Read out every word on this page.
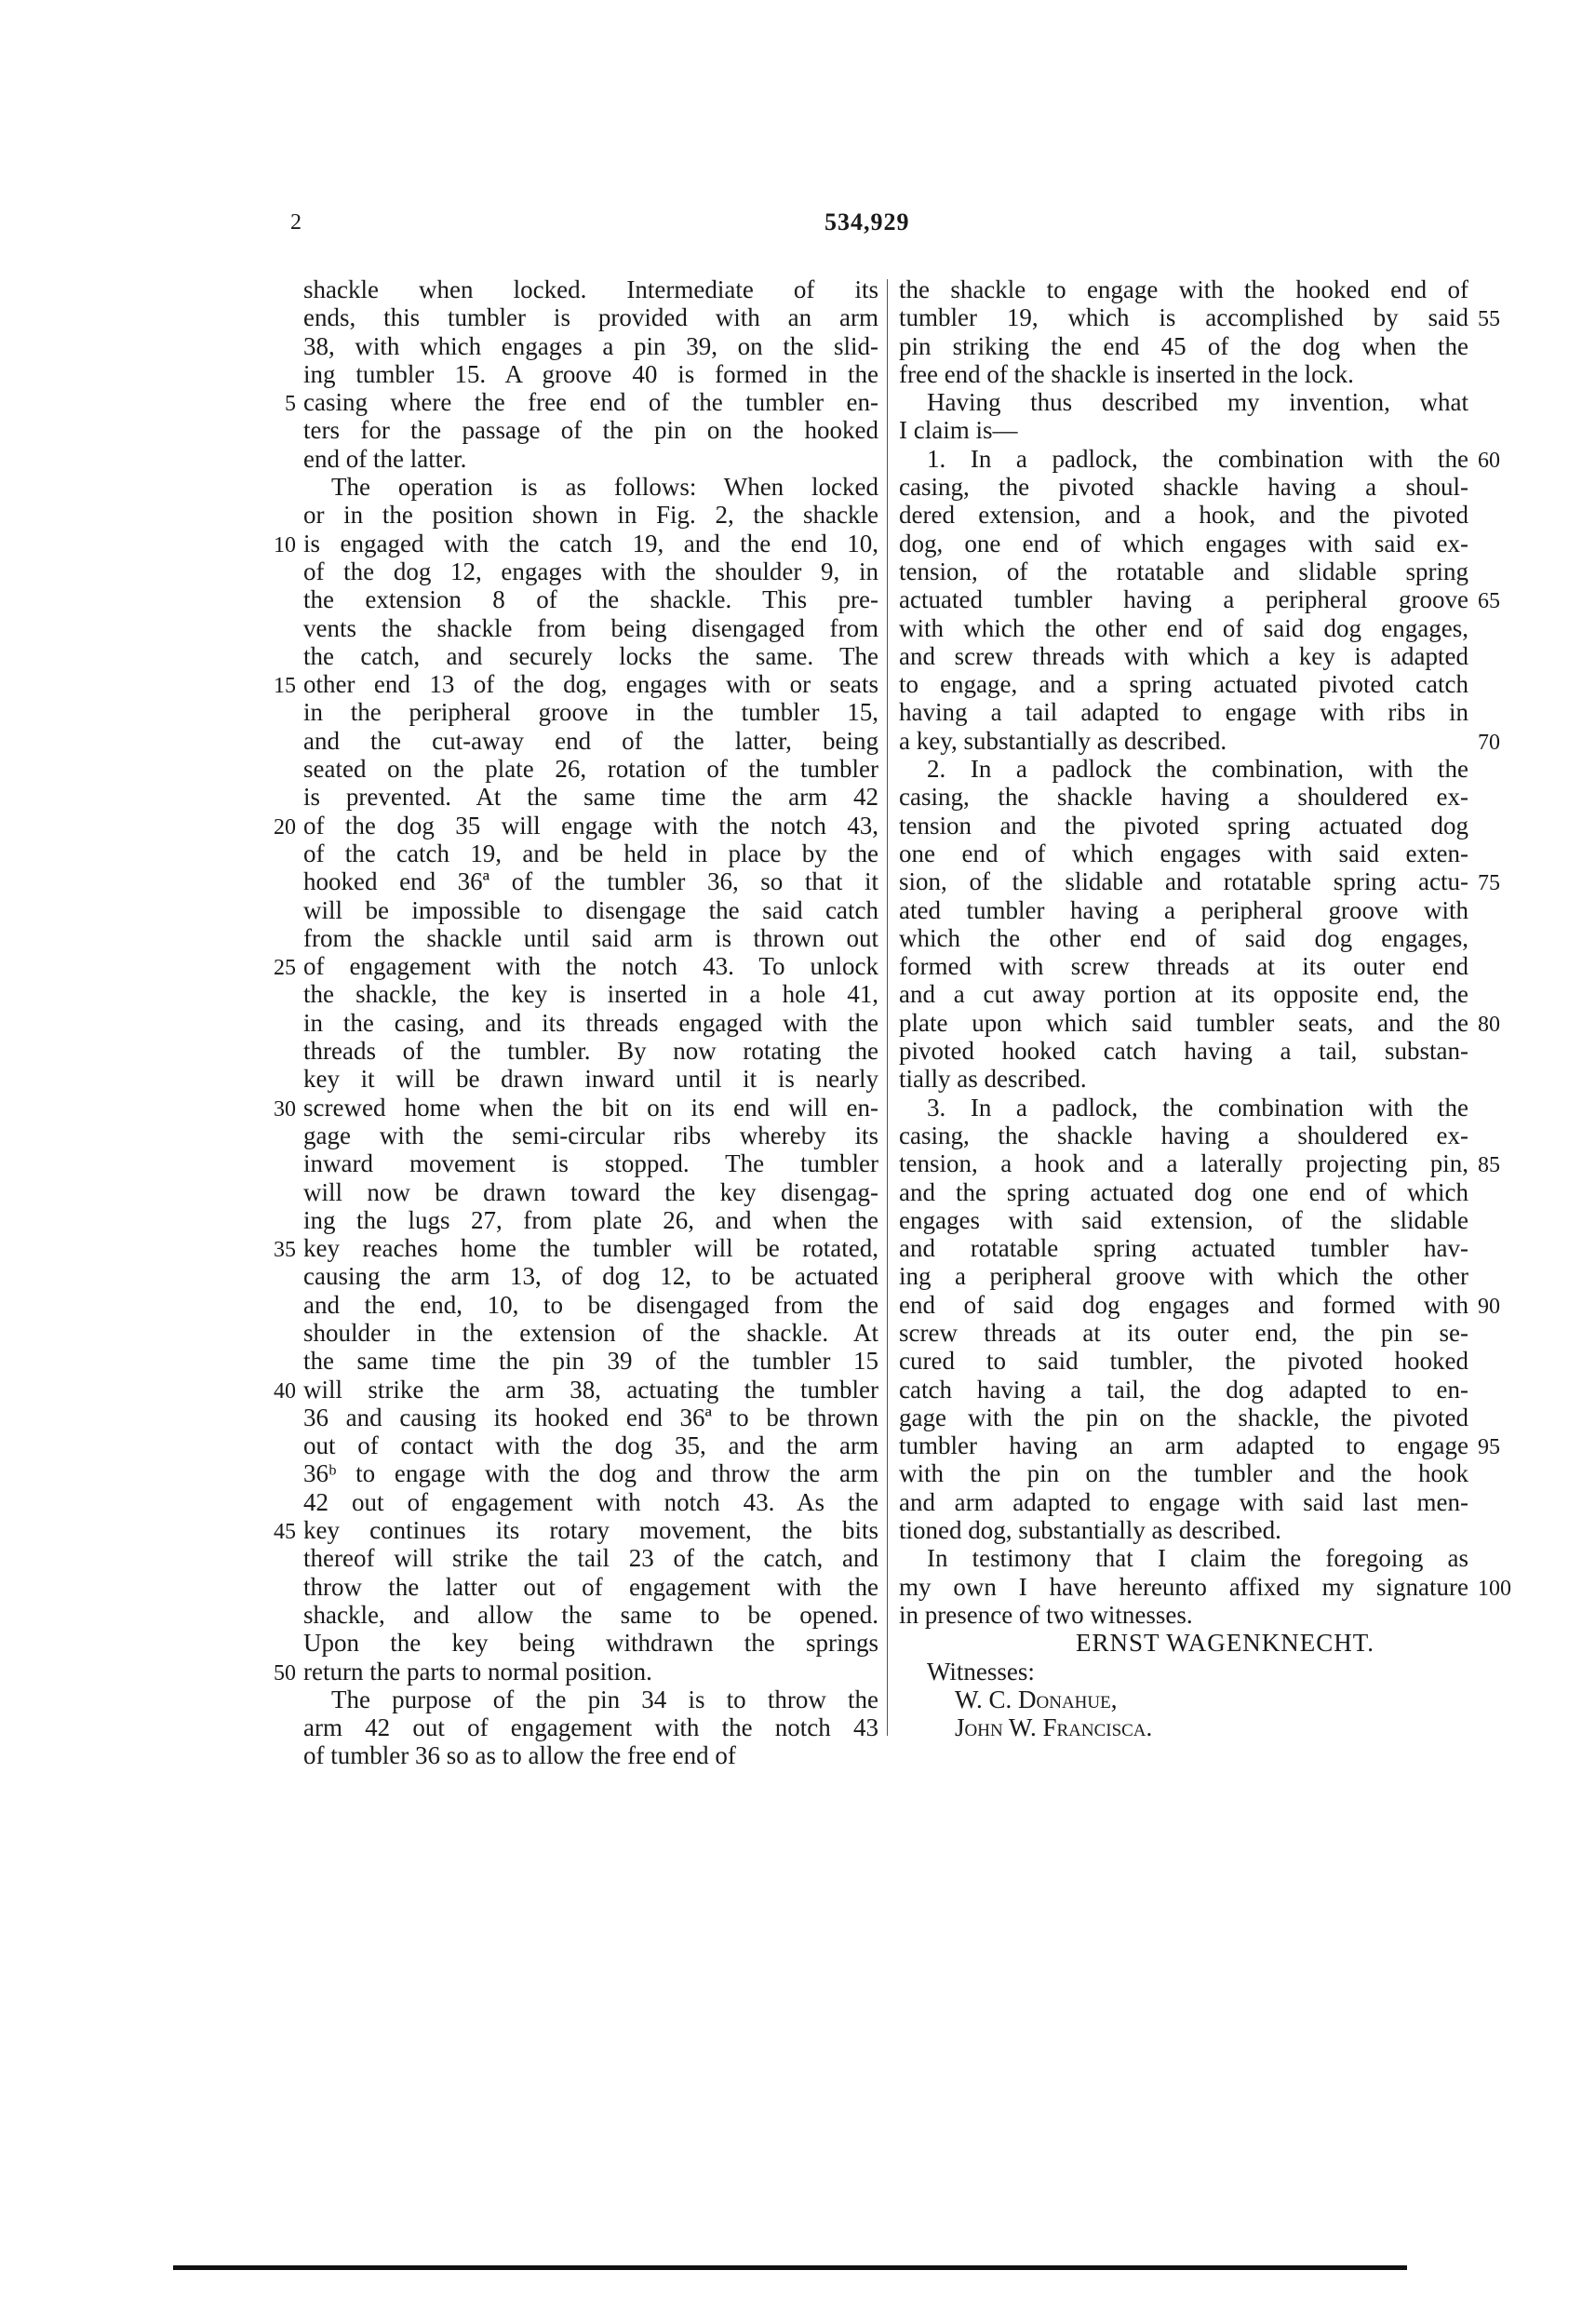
2	534,929
shackle when locked. Intermediate of its
ends, this tumbler is provided with an arm
38, with which engages a pin 39, on the slid-
ing tumbler 15. A groove 40 is formed in the
casing where the free end of the tumbler en-
ters for the passage of the pin on the hooked
end of the latter.
The operation is as follows: When locked
or in the position shown in Fig. 2, the shackle
is engaged with the catch 19, and the end 10,
of the dog 12, engages with the shoulder 9, in
the extension 8 of the shackle. This pre-
vents the shackle from being disengaged from
the catch, and securely locks the same. The
other end 13 of the dog, engages with or seats
in the peripheral groove in the tumbler 15,
and the cut-away end of the latter, being
seated on the plate 26, rotation of the tumbler
is prevented. At the same time the arm 42
of the dog 35 will engage with the notch 43,
of the catch 19, and be held in place by the
hooked end 36ª of the tumbler 36, so that it
will be impossible to disengage the said catch
from the shackle until said arm is thrown out
of engagement with the notch 43. To unlock
the shackle, the key is inserted in a hole 41,
in the casing, and its threads engaged with the
threads of the tumbler. By now rotating the
key it will be drawn inward until it is nearly
screwed home when the bit on its end will en-
gage with the semi-circular ribs whereby its
inward movement is stopped. The tumbler
will now be drawn toward the key disengag-
ing the lugs 27, from plate 26, and when the
key reaches home the tumbler will be rotated,
causing the arm 13, of dog 12, to be actuated
and the end, 10, to be disengaged from the
shoulder in the extension of the shackle. At
the same time the pin 39 of the tumbler 15
will strike the arm 38, actuating the tumbler
36 and causing its hooked end 36ª to be thrown
out of contact with the dog 35, and the arm
36ᵇ to engage with the dog and throw the arm
42 out of engagement with notch 43. As the
key continues its rotary movement, the bits
thereof will strike the tail 23 of the catch, and
throw the latter out of engagement with the
shackle, and allow the same to be opened.
Upon the key being withdrawn the springs
return the parts to normal position.
The purpose of the pin 34 is to throw the
arm 42 out of engagement with the notch 43
of tumbler 36 so as to allow the free end of
the shackle to engage with the hooked end of
tumbler 19, which is accomplished by said
pin striking the end 45 of the dog when the
free end of the shackle is inserted in the lock.
Having thus described my invention, what
I claim is—
1. In a padlock, the combination with the
casing, the pivoted shackle having a shoul-
dered extension, and a hook, and the pivoted
dog, one end of which engages with said ex-
tension, of the rotatable and slidable spring
actuated tumbler having a peripheral groove
with which the other end of said dog engages,
and screw threads with which a key is adapted
to engage, and a spring actuated pivoted catch
having a tail adapted to engage with ribs in
a key, substantially as described.
2. In a padlock the combination, with the
casing, the shackle having a shouldered ex-
tension and the pivoted spring actuated dog
one end of which engages with said exten-
sion, of the slidable and rotatable spring actu-
ated tumbler having a peripheral groove with
which the other end of said dog engages,
formed with screw threads at its outer end
and a cut away portion at its opposite end, the
plate upon which said tumbler seats, and the
pivoted hooked catch having a tail, substan-
tially as described.
3. In a padlock, the combination with the
casing, the shackle having a shouldered ex-
tension, a hook and a laterally projecting pin,
and the spring actuated dog one end of which
engages with said extension, of the slidable
and rotatable spring actuated tumbler hav-
ing a peripheral groove with which the other
end of said dog engages and formed with
screw threads at its outer end, the pin se-
cured to said tumbler, the pivoted hooked
catch having a tail, the dog adapted to en-
gage with the pin on the shackle, the pivoted
tumbler having an arm adapted to engage
with the pin on the tumbler and the hook
and arm adapted to engage with said last men-
tioned dog, substantially as described.
In testimony that I claim the foregoing as
my own I have hereunto affixed my signature
in presence of two witnesses.
ERNST WAGENKNECHT.
Witnesses:
W. C. Donahue,
John W. Francisca.
5
10
15
20
25
30
35
40
45
50
55
60
65
70
75
80
85
90
95
100
